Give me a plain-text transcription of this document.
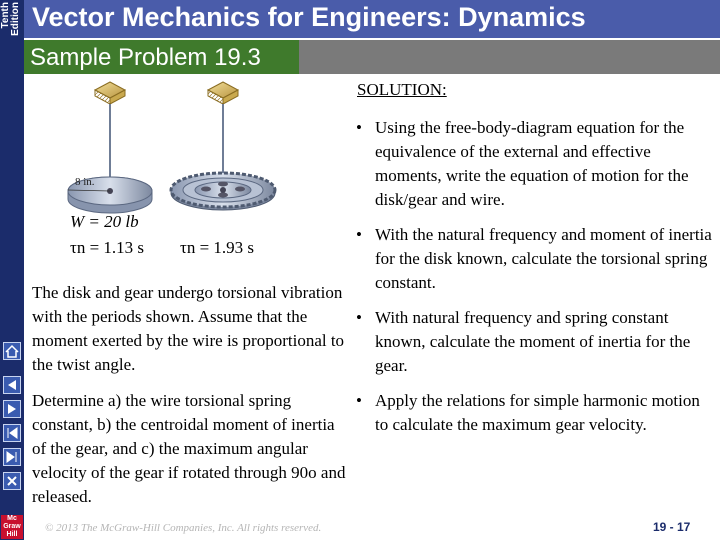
Tenth Edition
Mc
Graw
Hill
Vector Mechanics for Engineers: Dynamics
Sample Problem 19.3
8 in.
W = 20 lb
τn = 1.13 s τn = 1.93 s
SOLUTION:
• Using the free-body-diagram equation for the equivalence of the external and effective moments, write the equation of motion for the disk/gear and wire.
• With the natural frequency and moment of inertia for the disk known, calculate the torsional spring constant.
• With natural frequency and spring constant known, calculate the moment of inertia for the gear.
• Apply the relations for simple harmonic motion to calculate the maximum gear velocity.

The disk and gear undergo torsional vibration with the periods shown. Assume that the moment exerted by the wire is proportional to the twist angle.

Determine a) the wire torsional spring constant, b) the centroidal moment of inertia of the gear, and c) the maximum angular velocity of the gear if rotated through 90o and released.

© 2013 The McGraw-Hill Companies, Inc. All rights reserved.	19 - 17
